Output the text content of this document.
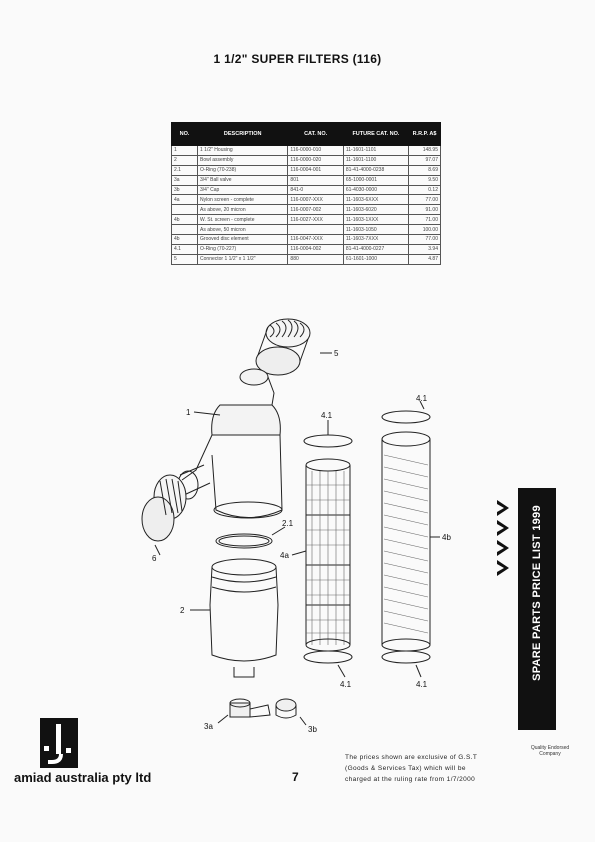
1 1/2" SUPER FILTERS (116)
NO.	DESCRIPTION	CAT. NO.	FUTURE CAT. NO.	R.R.P. A$
1	1 1/2" Housing	116-0000-010	11-1601-1101	148.95
2	Bowl assembly	116-0000-020	11-1601-1100	97.07
2.1	O-Ring (70-238)	116-0004-001	81-41-4000-0238	8.69
3a	3/4" Ball valve	801	65-1000-0001	9.50
3b	3/4" Cap	841-0	61-4030-0000	0.12
4a	Nylon screen - complete	116-0007-XXX	11-1603-6XXX	77.00
	As above, 20 micron	116-0007-002	11-1603-6020	91.00
4b	W. St. screen - complete	116-0027-XXX	11-1603-1XXX	71.00
	As above, 50 micron		11-1603-1050	100.00
4b	Grooved disc element	116-0047-XXX	11-1603-7XXX	77.00
4.1	O-Ring (70-227)	116-0004-002	81-41-4000-0227	3.94
5	Connector 1 1/2" x 1 1/2"	880	61-1601-1000	4.87
5
1	4.1
4.1
2.1
4a
4b
6
2
4.1	4.1
3a	3b
SPARE PARTS PRICE LIST 1999
Quality Endorsed Company
amiad australia pty ltd	7
The prices shown are exclusive of G.S.T
(Goods & Services Tax) which will be
charged at the ruling rate from 1/7/2000
